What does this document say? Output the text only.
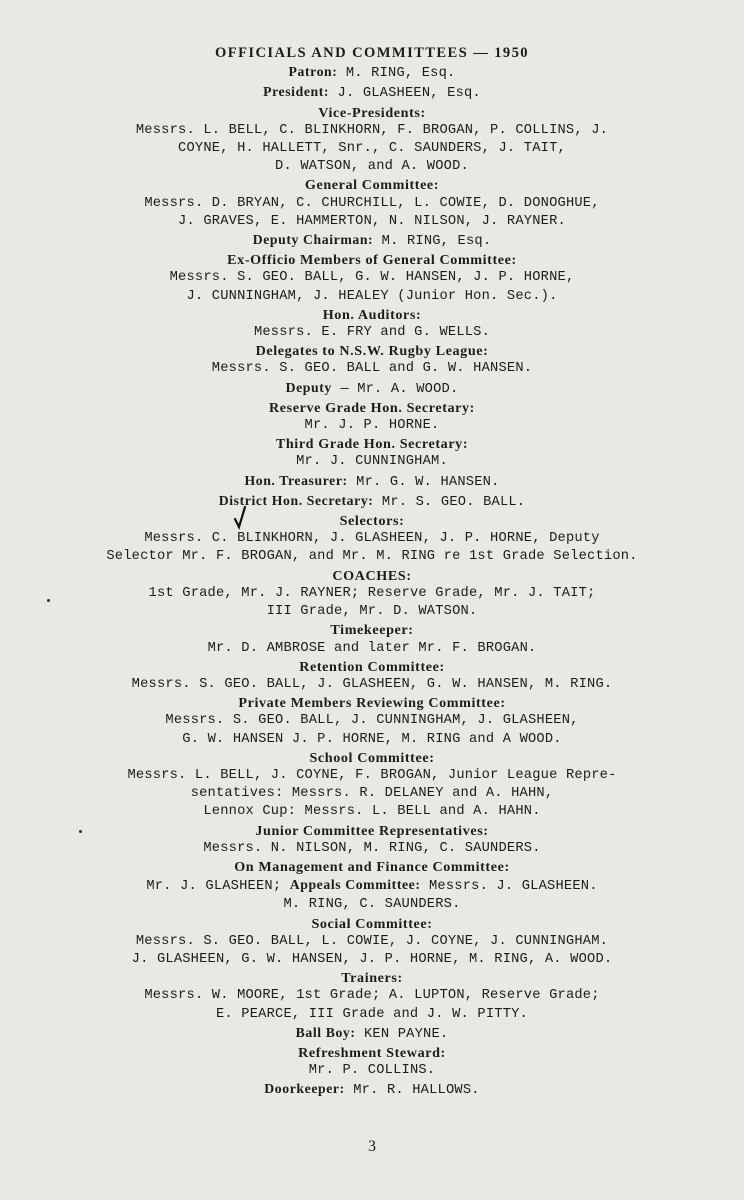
OFFICIALS AND COMMITTEES — 1950
Patron: M. RING, Esq.
President: J. GLASHEEN, Esq.
Vice-Presidents:
Messrs. L. BELL, C. BLINKHORN, F. BROGAN, P. COLLINS, J.
COYNE, H. HALLETT, Snr., C. SAUNDERS, J. TAIT,
D. WATSON, and A. WOOD.
General Committee:
Messrs. D. BRYAN, C. CHURCHILL, L. COWIE, D. DONOGHUE,
J. GRAVES, E. HAMMERTON, N. NILSON, J. RAYNER.
Deputy Chairman: M. RING, Esq.
Ex-Officio Members of General Committee:
Messrs. S. GEO. BALL, G. W. HANSEN, J. P. HORNE,
J. CUNNINGHAM, J. HEALEY (Junior Hon. Sec.).
Hon. Auditors:
Messrs. E. FRY and G. WELLS.
Delegates to N.S.W. Rugby League:
Messrs. S. GEO. BALL and G. W. HANSEN.
Deputy — Mr. A. WOOD.
Reserve Grade Hon. Secretary:
Mr. J. P. HORNE.
Third Grade Hon. Secretary:
Mr. J. CUNNINGHAM.
Hon. Treasurer: Mr. G. W. HANSEN.
District Hon. Secretary: Mr. S. GEO. BALL.
Selectors:
Messrs. C. BLINKHORN, J. GLASHEEN, J. P. HORNE, Deputy
Selector Mr. F. BROGAN, and Mr. M. RING re 1st Grade Selection.
COACHES:
1st Grade, Mr. J. RAYNER; Reserve Grade, Mr. J. TAIT;
III Grade, Mr. D. WATSON.
Timekeeper:
Mr. D. AMBROSE and later Mr. F. BROGAN.
Retention Committee:
Messrs. S. GEO. BALL, J. GLASHEEN, G. W. HANSEN, M. RING.
Private Members Reviewing Committee:
Messrs. S. GEO. BALL, J. CUNNINGHAM, J. GLASHEEN,
G. W. HANSEN J. P. HORNE, M. RING and A WOOD.
School Committee:
Messrs. L. BELL, J. COYNE, F. BROGAN, Junior League Repre-
sentatives: Messrs. R. DELANEY and A. HAHN,
Lennox Cup: Messrs. L. BELL and A. HAHN.
Junior Committee Representatives:
Messrs. N. NILSON, M. RING, C. SAUNDERS.
On Management and Finance Committee:
Mr. J. GLASHEEN; Appeals Committee: Messrs. J. GLASHEEN.
M. RING, C. SAUNDERS.
Social Committee:
Messrs. S. GEO. BALL, L. COWIE, J. COYNE, J. CUNNINGHAM.
J. GLASHEEN, G. W. HANSEN, J. P. HORNE, M. RING, A. WOOD.
Trainers:
Messrs. W. MOORE, 1st Grade; A. LUPTON, Reserve Grade;
E. PEARCE, III Grade and J. W. PITTY.
Ball Boy: KEN PAYNE.
Refreshment Steward:
Mr. P. COLLINS.
Doorkeeper: Mr. R. HALLOWS.
3
